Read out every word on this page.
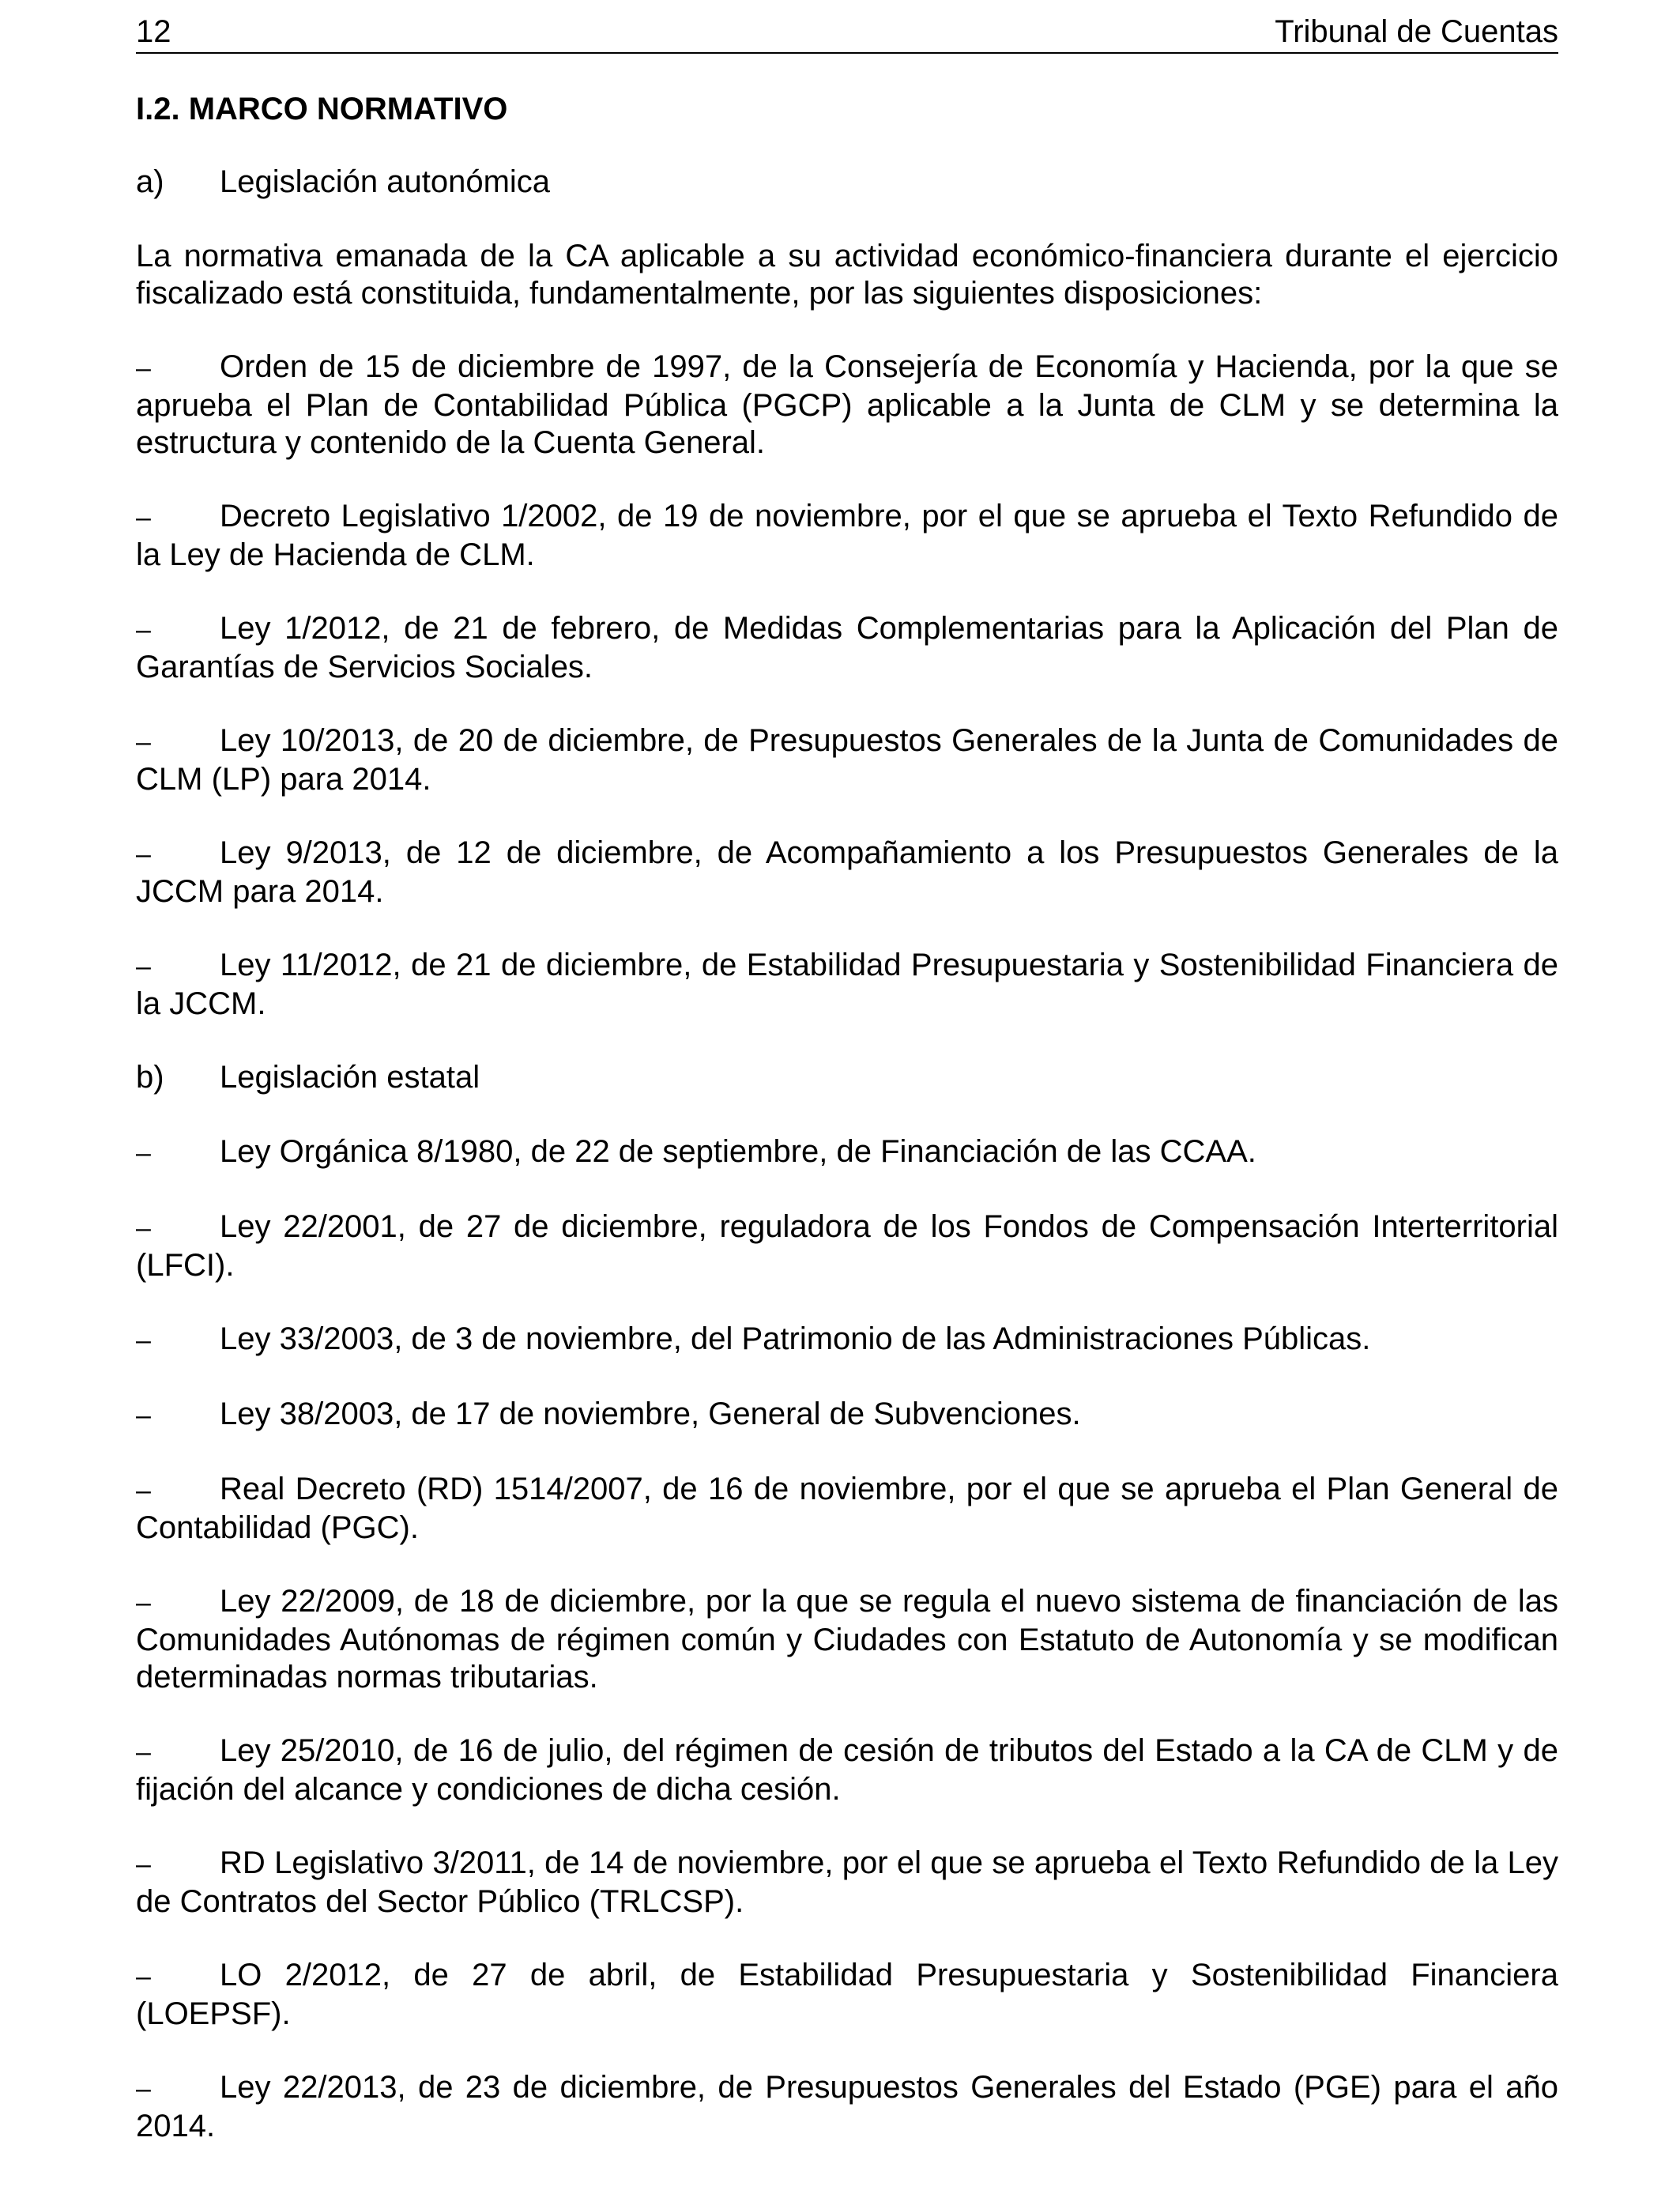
12	Tribunal de Cuentas
I.2. MARCO NORMATIVO
a)	Legislación autonómica

La normativa emanada de la CA aplicable a su actividad económico-financiera durante el ejercicio fiscalizado está constituida, fundamentalmente, por las siguientes disposiciones:

– Orden de 15 de diciembre de 1997, de la Consejería de Economía y Hacienda, por la que se aprueba el Plan de Contabilidad Pública (PGCP) aplicable a la Junta de CLM y se determina la estructura y contenido de la Cuenta General.
– Decreto Legislativo 1/2002, de 19 de noviembre, por el que se aprueba el Texto Refundido de la Ley de Hacienda de CLM.
– Ley 1/2012, de 21 de febrero, de Medidas Complementarias para la Aplicación del Plan de Garantías de Servicios Sociales.
– Ley 10/2013, de 20 de diciembre, de Presupuestos Generales de la Junta de Comunidades de CLM (LP) para 2014.
– Ley 9/2013, de 12 de diciembre, de Acompañamiento a los Presupuestos Generales de la JCCM para 2014.
– Ley 11/2012, de 21 de diciembre, de Estabilidad Presupuestaria y Sostenibilidad Financiera de la JCCM.
b)	Legislación estatal
– Ley Orgánica 8/1980, de 22 de septiembre, de Financiación de las CCAA.
– Ley 22/2001, de 27 de diciembre, reguladora de los Fondos de Compensación Interterritorial (LFCI).
– Ley 33/2003, de 3 de noviembre, del Patrimonio de las Administraciones Públicas.
– Ley 38/2003, de 17 de noviembre, General de Subvenciones.
– Real Decreto (RD) 1514/2007, de 16 de noviembre, por el que se aprueba el Plan General de Contabilidad (PGC).
– Ley 22/2009, de 18 de diciembre, por la que se regula el nuevo sistema de financiación de las Comunidades Autónomas de régimen común y Ciudades con Estatuto de Autonomía y se modifican determinadas normas tributarias.
– Ley 25/2010, de 16 de julio, del régimen de cesión de tributos del Estado a la CA de CLM y de fijación del alcance y condiciones de dicha cesión.
– RD Legislativo 3/2011, de 14 de noviembre, por el que se aprueba el Texto Refundido de la Ley de Contratos del Sector Público (TRLCSP).
– LO 2/2012, de 27 de abril, de Estabilidad Presupuestaria y Sostenibilidad Financiera (LOEPSF).
– Ley 22/2013, de 23 de diciembre, de Presupuestos Generales del Estado (PGE) para el año 2014.
